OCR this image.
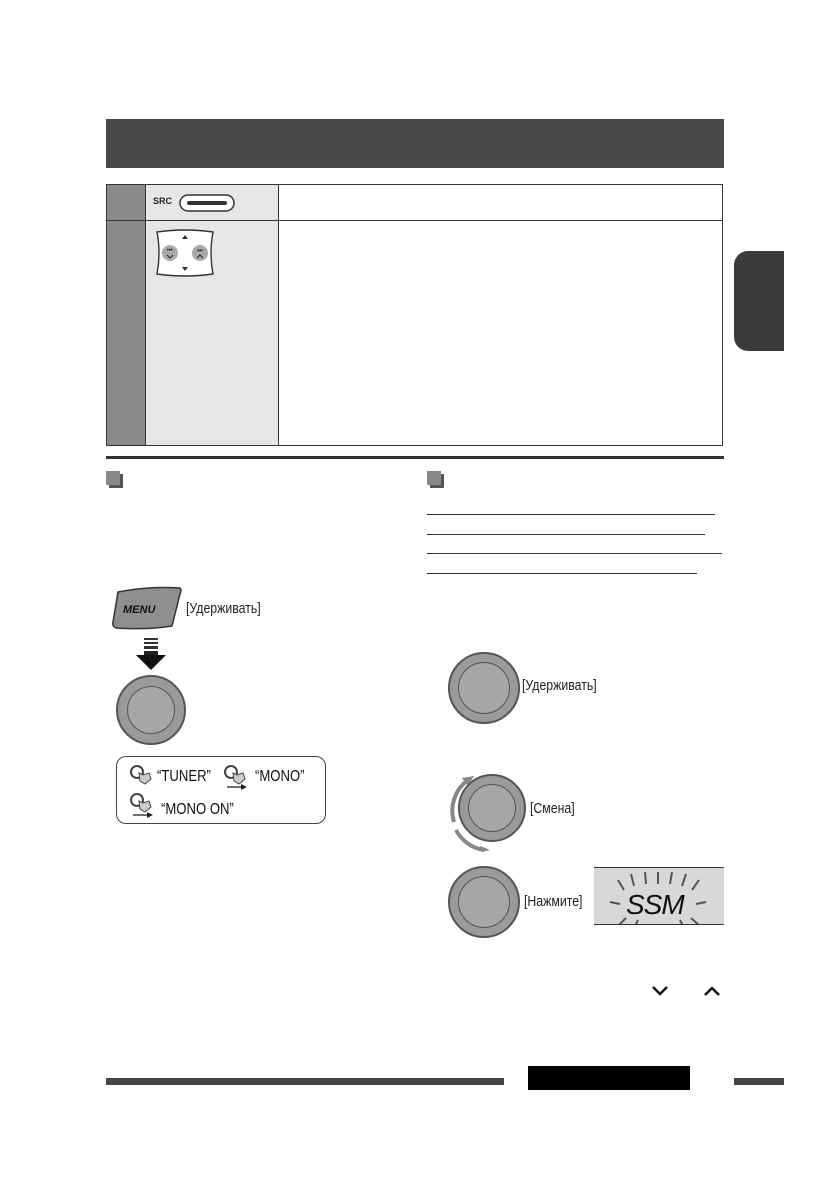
SRC
⏮	⏭
MENU [Удерживать]
“TUNER”	“MONO”
“MONO ON”
[Удерживать]
[Смена]
[Нажмите] SSM
